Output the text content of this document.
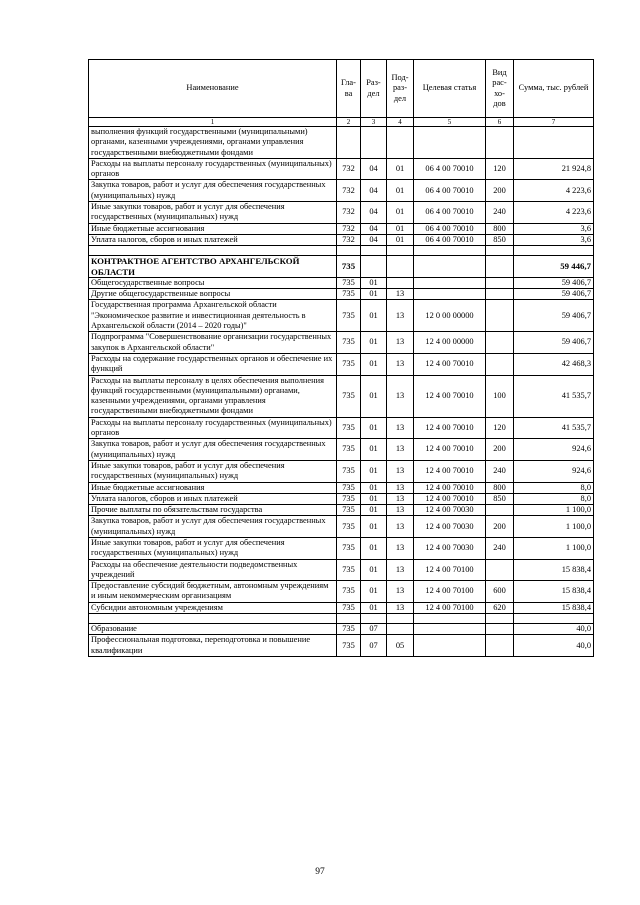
Наименование	Гла-ва	Раз-дел	Под-раз-дел	Целевая статья	Вид рас-хо-дов	Сумма, тыс. рублей
1	2	3	4	5	6	7
выполнения функций государственными (муниципальными) органами, казенными учреждениями, органами управления государственными внебюджетными фондами						
Расходы на выплаты персоналу государственных (муниципальных) органов	732	04	01	06 4 00 70010	120	21 924,8
Закупка товаров, работ и услуг для обеспечения государственных (муниципальных) нужд	732	04	01	06 4 00 70010	200	4 223,6
Иные закупки товаров, работ и услуг для обеспечения государственных (муниципальных) нужд	732	04	01	06 4 00 70010	240	4 223,6
Иные бюджетные ассигнования	732	04	01	06 4 00 70010	800	3,6
Уплата налогов, сборов и иных платежей	732	04	01	06 4 00 70010	850	3,6

КОНТРАКТНОЕ АГЕНТСТВО АРХАНГЕЛЬСКОЙ ОБЛАСТИ	735					59 446,7
Общегосударственные вопросы	735	01				59 406,7
Другие общегосударственные вопросы	735	01	13			59 406,7
Государственная программа Архангельской области "Экономическое развитие и инвестиционная деятельность в Архангельской области (2014 – 2020 годы)"	735	01	13	12 0 00 00000		59 406,7
Подпрограмма "Совершенствование организации государственных закупок в Архангельской области"	735	01	13	12 4 00 00000		59 406,7
Расходы на содержание государственных органов и обеспечение их функций	735	01	13	12 4 00 70010		42 468,3
Расходы на выплаты персоналу в целях обеспечения выполнения функций государственными (муниципальными) органами, казенными учреждениями, органами управления государственными внебюджетными фондами	735	01	13	12 4 00 70010	100	41 535,7
Расходы на выплаты персоналу государственных (муниципальных) органов	735	01	13	12 4 00 70010	120	41 535,7
Закупка товаров, работ и услуг для обеспечения государственных (муниципальных) нужд	735	01	13	12 4 00 70010	200	924,6
Иные закупки товаров, работ и услуг для обеспечения государственных (муниципальных) нужд	735	01	13	12 4 00 70010	240	924,6
Иные бюджетные ассигнования	735	01	13	12 4 00 70010	800	8,0
Уплата налогов, сборов и иных платежей	735	01	13	12 4 00 70010	850	8,0
Прочие выплаты по обязательствам государства	735	01	13	12 4 00 70030		1 100,0
Закупка товаров, работ и услуг для обеспечения государственных (муниципальных) нужд	735	01	13	12 4 00 70030	200	1 100,0
Иные закупки товаров, работ и услуг для обеспечения государственных (муниципальных) нужд	735	01	13	12 4 00 70030	240	1 100,0
Расходы на обеспечение деятельности подведомственных учреждений	735	01	13	12 4 00 70100		15 838,4
Предоставление субсидий бюджетным, автономным учреждениям и иным некоммерческим организациям	735	01	13	12 4 00 70100	600	15 838,4
Субсидии автономным учреждениям	735	01	13	12 4 00 70100	620	15 838,4

Образование	735	07				40,0
Профессиональная подготовка, переподготовка и повышение квалификации	735	07	05			40,0
97
